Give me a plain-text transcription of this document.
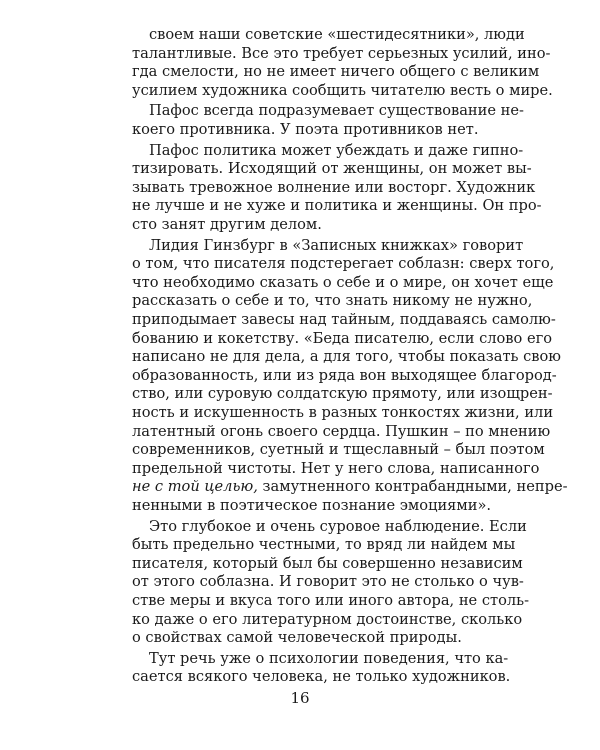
своем наши советские «шестидесятники», люди

талантливые. Все это требует серьезных усилий, ино-

гда смелости, но не имеет ничего общего с великим

усилием художника сообщить читателю весть о мире.

Пафос всегда подразумевает существование не-

коего противника. У поэта противников нет.

Пафос политика может убеждать и даже гипно-

тизировать. Исходящий от женщины, он может вы-

зывать тревожное волнение или восторг. Художник

не лучше и не хуже и политика и женщины. Он про-

сто занят другим делом.

Лидия Гинзбург в «Записных книжках» говорит

о том, что писателя подстерегает соблазн: сверх того,

что необходимо сказать о себе и о мире, он хочет еще

рассказать о себе и то, что знать никому не нужно,

приподымает завесы над тайным, поддаваясь самолю-

бованию и кокетству. «Беда писателю, если слово его

написано не для дела, а для того, чтобы показать свою

образованность, или из ряда вон выходящее благород-

ство, или суровую солдатскую прямоту, или изощрен-

ность и искушенность в разных тонкостях жизни, или

латентный огонь своего сердца. Пушкин – по мнению

современников, суетный и тщеславный – был поэтом

предельной чистоты. Нет у него слова, написанного

не с той целью, замутненного контрабандными, непре-

ненными в поэтическое познание эмоциями».

Это глубокое и очень суровое наблюдение. Если

быть предельно честными, то вряд ли найдем мы

писателя, который был бы совершенно независим

от этого соблазна. И говорит это не столько о чув-

стве меры и вкуса того или иного автора, не столь-

ко даже о его литературном достоинстве, сколько

о свойствах самой человеческой природы.

Тут речь уже о психологии поведения, что ка-

сается всякого человека, не только художников.

16
